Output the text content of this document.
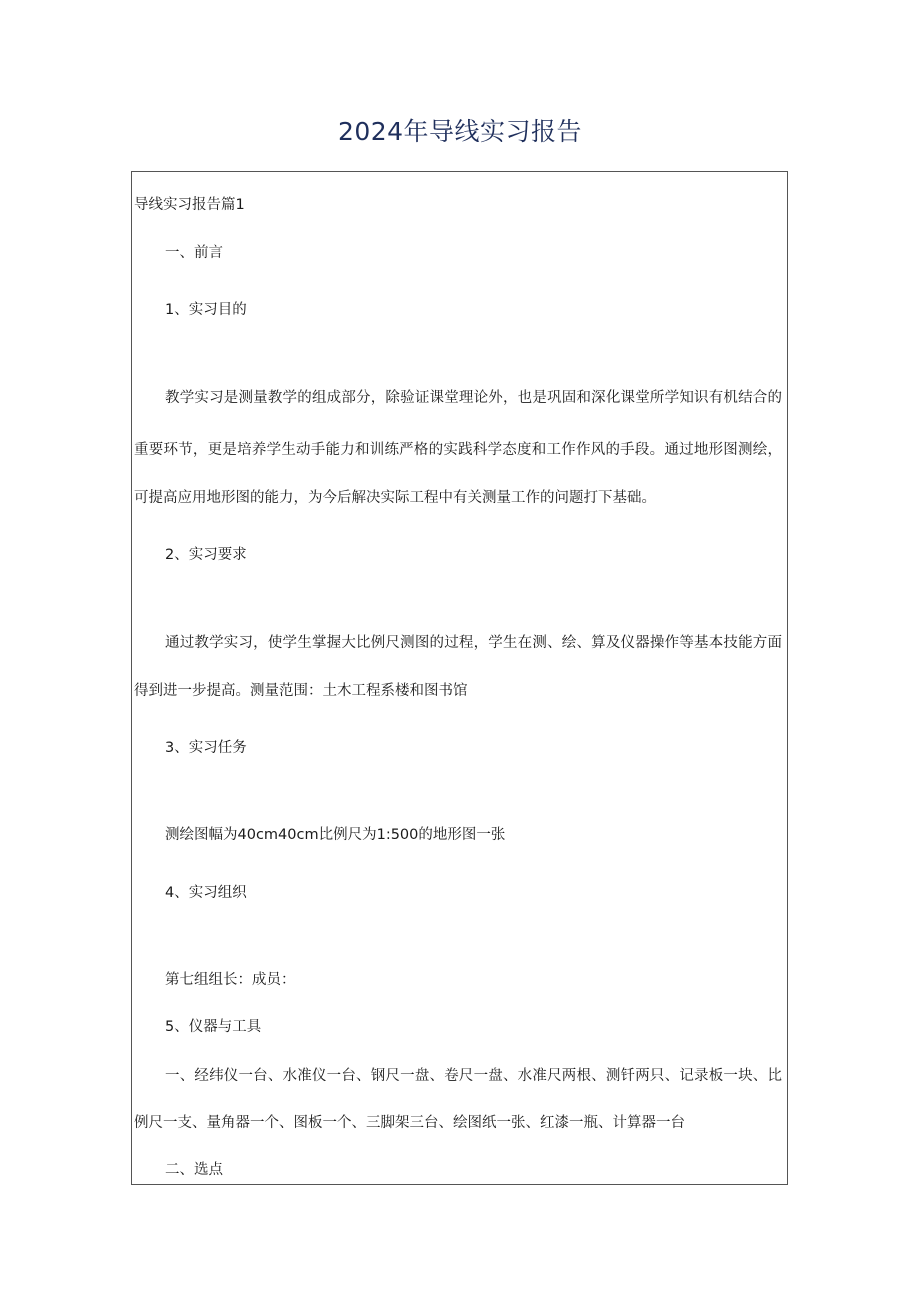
2024年导线实习报告
导线实习报告篇1
一、前言
1、实习目的
教学实习是测量教学的组成部分，除验证课堂理论外，也是巩固和深化课堂所学知识有机结合的
重要环节，更是培养学生动手能力和训练严格的实践科学态度和工作作风的手段。通过地形图测绘，
可提高应用地形图的能力，为今后解决实际工程中有关测量工作的问题打下基础。
2、实习要求
通过教学实习，使学生掌握大比例尺测图的过程，学生在测、绘、算及仪器操作等基本技能方面
得到进一步提高。测量范围：土木工程系楼和图书馆
3、实习任务
测绘图幅为40cm40cm比例尺为1:500的地形图一张
4、实习组织
第七组组长：成员：
5、仪器与工具
一、经纬仪一台、水准仪一台、钢尺一盘、卷尺一盘、水准尺两根、测钎两只、记录板一块、比
例尺一支、量角器一个、图板一个、三脚架三台、绘图纸一张、红漆一瓶、计算器一台
二、选点
